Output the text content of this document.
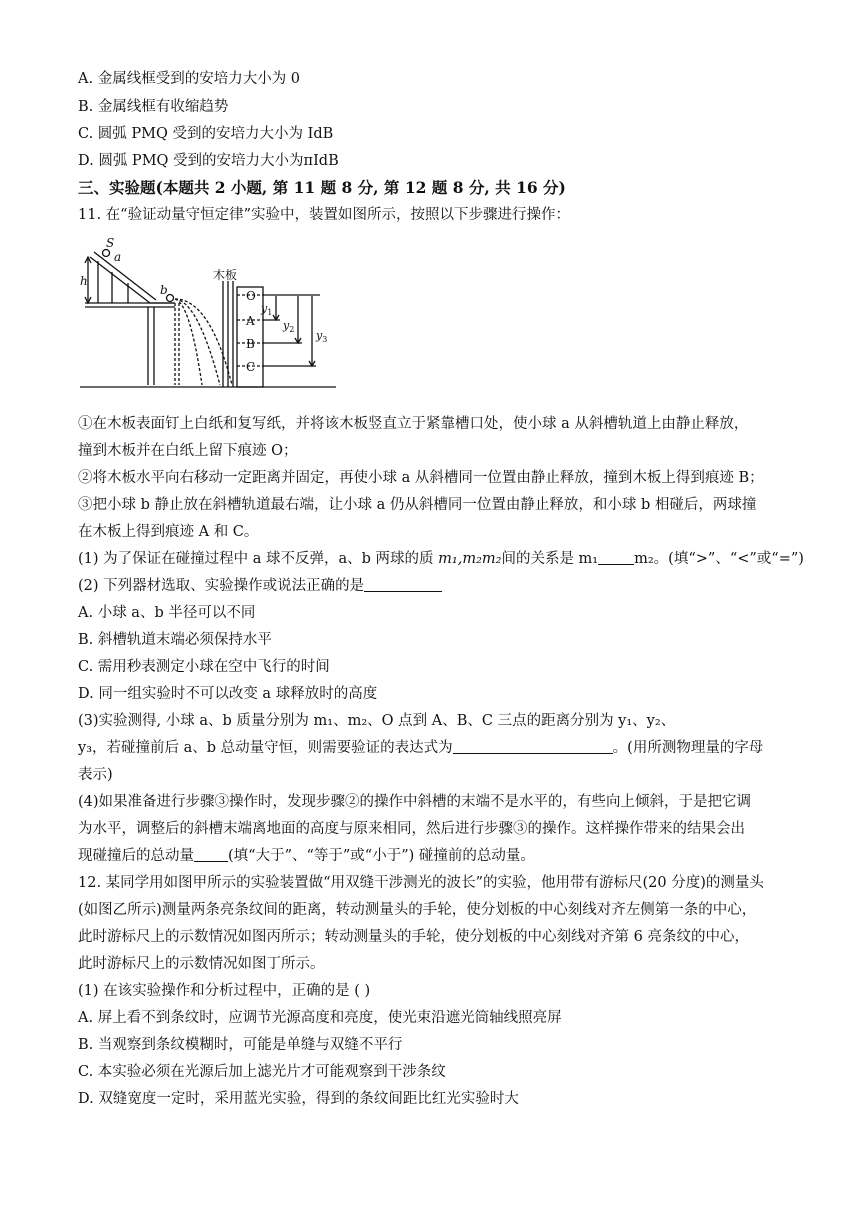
A. 金属线框受到的安培力大小为 0
B. 金属线框有收缩趋势
C. 圆弧 PMQ 受到的安培力大小为 IdB
D. 圆弧 PMQ 受到的安培力大小为πIdB
三、实验题(本题共 2 小题, 第 11 题 8 分, 第 12 题 8 分, 共 16 分)
11. 在“验证动量守恒定律”实验中，装置如图所示，按照以下步骤进行操作：
S
a
h
b
木板
O
A
B
C
$y_1$
$y_2$ $y_3$
①在木板表面钉上白纸和复写纸，并将该木板竖直立于紧靠槽口处，使小球 a 从斜槽轨道上由静止释放，
撞到木板并在白纸上留下痕迹 O；
②将木板水平向右移动一定距离并固定，再使小球 a 从斜槽同一位置由静止释放，撞到木板上得到痕迹 B；
③把小球 b 静止放在斜槽轨道最右端，让小球 a 仍从斜槽同一位置由静止释放，和小球 b 相碰后，两球撞
在木板上得到痕迹 A 和 C。
(1) 为了保证在碰撞过程中 a 球不反弹，a、b 两球的质 m₁,m₂m₂间的关系是 m₁ m₂。(填“>”、“<”或“=”)
(2) 下列器材选取、实验操作或说法正确的是
A. 小球 a、b 半径可以不同
B. 斜槽轨道末端必须保持水平
C. 需用秒表测定小球在空中飞行的时间
D. 同一组实验时不可以改变 a 球释放时的高度
(3)实验测得, 小球 a、b 质量分别为 m₁、m₂、O 点到 A、B、C 三点的距离分别为 y₁、y₂、
y₃，若碰撞前后 a、b 总动量守恒，则需要验证的表达式为	。(用所测物理量的字母
表示)
(4)如果准备进行步骤③操作时，发现步骤②的操作中斜槽的末端不是水平的，有些向上倾斜，于是把它调
为水平，调整后的斜槽末端离地面的高度与原来相同，然后进行步骤③的操作。这样操作带来的结果会出
现碰撞后的总动量 (填“大于”、“等于”或“小于”) 碰撞前的总动量。
12. 某同学用如图甲所示的实验装置做“用双缝干涉测光的波长”的实验，他用带有游标尺(20 分度)的测量头
(如图乙所示)测量两条亮条纹间的距离，转动测量头的手轮，使分划板的中心刻线对齐左侧第一条的中心，
此时游标尺上的示数情况如图丙所示；转动测量头的手轮，使分划板的中心刻线对齐第 6 亮条纹的中心，
此时游标尺上的示数情况如图丁所示。
(1) 在该实验操作和分析过程中，正确的是 ( )
A. 屏上看不到条纹时，应调节光源高度和亮度，使光束沿遮光筒轴线照亮屏
B. 当观察到条纹模糊时，可能是单缝与双缝不平行
C. 本实验必须在光源后加上滤光片才可能观察到干涉条纹
D. 双缝宽度一定时，采用蓝光实验，得到的条纹间距比红光实验时大
